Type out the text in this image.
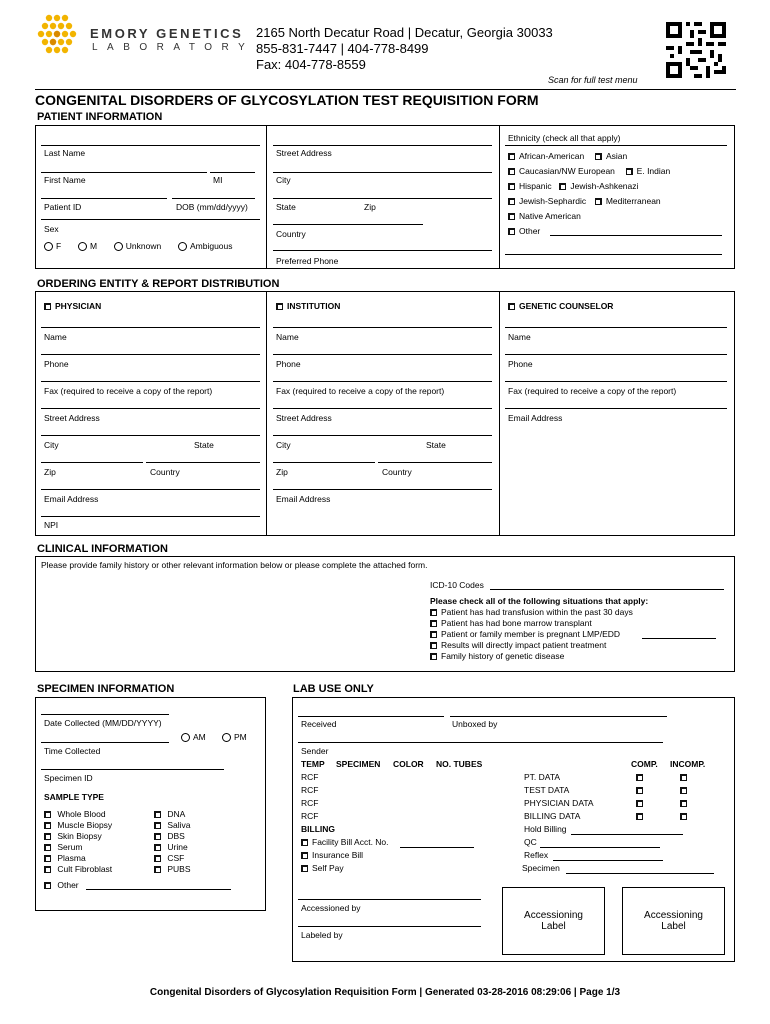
EMORY GENETICS
LABORATORY
2165 North Decatur Road | Decatur, Georgia 30033
855-831-7447 | 404-778-8499
Fax: 404-778-8559
Scan for full test menu
CONGENITAL DISORDERS OF GLYCOSYLATION TEST REQUISITION FORM
PATIENT INFORMATION
Last Name
First Name	MI
Patient ID	DOB (mm/dd/yyyy)
Sex
F	M	Unknown	Ambiguous
Street Address
City
State	Zip
Country
Preferred Phone
Ethnicity (check all that apply)
African-American	Asian
Caucasian/NW European	E. Indian
Hispanic Jewish-Ashkenazi
Jewish-Sephardic Mediterranean
Native American
Other
ORDERING ENTITY & REPORT DISTRIBUTION
PHYSICIAN	INSTITUTION	GENETIC COUNSELOR
Name
Phone
Fax (required to receive a copy of the report)
Street Address
City	State
Zip	Country
Email Address
NPI
Name
Phone
Fax (required to receive a copy of the report)
Street Address
City	State
Zip	Country
Email Address
Name
Phone
Fax (required to receive a copy of the report)
Email Address
CLINICAL INFORMATION
Please provide family history or other relevant information below or please complete the attached form.
ICD-10 Codes
Please check all of the following situations that apply:
Patient has had transfusion within the past 30 days
Patient has had bone marrow transplant
Patient or family member is pregnant LMP/EDD
Results will directly impact patient treatment
Family history of genetic disease
SPECIMEN INFORMATION
Date Collected (MM/DD/YYYY)
AM	PM
Time Collected
Specimen ID
SAMPLE TYPE
Whole Blood
Muscle Biopsy
Skin Biopsy
Serum
Plasma
Cult Fibroblast
DNA
Saliva
DBS
Urine
CSF
PUBS
Other
LAB USE ONLY
Received	Unboxed by
Sender
TEMP SPECIMEN COLOR NO. TUBES	COMP. INCOMP.
RCF
RCF
RCF
RCF
PT. DATA
TEST DATA
PHYSICIAN DATA
BILLING DATA
BILLING
Facility Bill Acct. No.
Insurance Bill
Self Pay
Hold Billing
QC
Reflex
Specimen
Accessioned by
Labeled by
Accessioning Label
Accessioning Label
Congenital Disorders of Glycosylation Requisition Form | Generated 03-28-2016 08:29:06 | Page 1/3
